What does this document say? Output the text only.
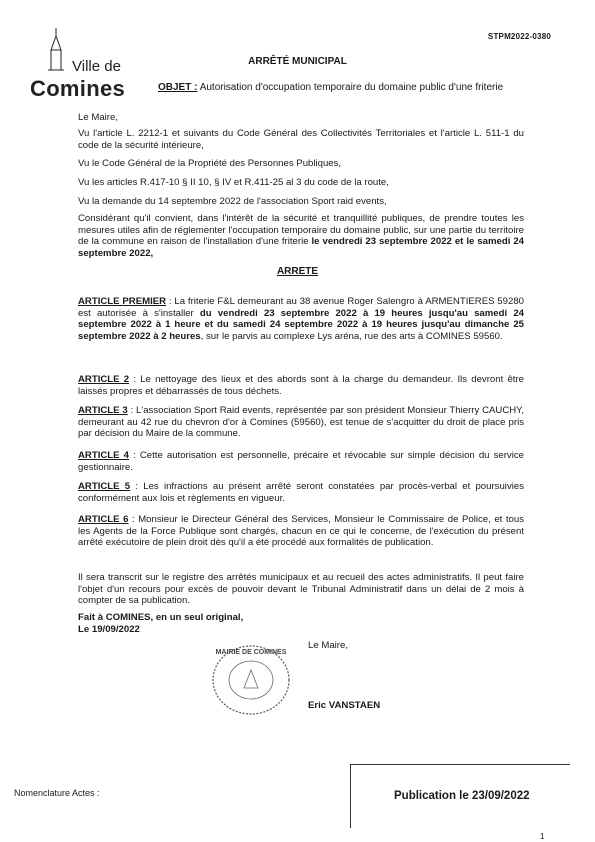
STPM2022-0380
Ville de
Comines
ARRÊTÉ MUNICIPAL
OBJET : Autorisation d'occupation temporaire du domaine public d'une friterie
Le Maire,
Vu l'article L. 2212-1 et suivants du Code Général des Collectivités Territoriales et l'article L. 511-1 du code de la sécurité intérieure,
Vu le Code Général de la Propriété des Personnes Publiques,
Vu les articles R.417-10 § II 10, § IV et R.411-25 al 3 du code de la route,
Vu la demande du 14 septembre 2022 de l'association Sport raid events,
Considérant qu'il convient, dans l'intérêt de la sécurité et tranquillité publiques, de prendre toutes les mesures utiles afin de réglementer l'occupation temporaire du domaine public, sur une partie du territoire de la commune en raison de l'installation d'une friterie le vendredi 23 septembre 2022 et le samedi 24 septembre 2022,
ARRETE
ARTICLE PREMIER : La friterie F&L demeurant au 38 avenue Roger Salengro à ARMENTIERES 59280 est autorisée à s'installer du vendredi 23 septembre 2022 à 19 heures jusqu'au samedi 24 septembre 2022 à 1 heure et du samedi 24 septembre 2022 à 19 heures jusqu'au dimanche 25 septembre 2022 à 2 heures, sur le parvis au complexe Lys aréna, rue des arts à COMINES 59560.
ARTICLE 2 : Le nettoyage des lieux et des abords sont à la charge du demandeur. Ils devront être laissés propres et débarrassés de tous déchets.
ARTICLE 3 : L'association Sport Raid events, représentée par son président Monsieur Thierry CAUCHY, demeurant au 42 rue du chevron d'or à Comines (59560), est tenue de s'acquitter du droit de place pris par décision du Maire de la commune.
ARTICLE 4 : Cette autorisation est personnelle, précaire et révocable sur simple décision du service gestionnaire.
ARTICLE 5 : Les infractions au présent arrêté seront constatées par procès-verbal et poursuivies conformément aux lois et règlements en vigueur.
ARTICLE 6 : Monsieur le Directeur Général des Services, Monsieur le Commissaire de Police, et tous les Agents de la Force Publique sont chargés, chacun en ce qui le concerne, de l'exécution du présent arrêté exécutoire de plein droit dès qu'il a été procédé aux formalités de publication.
Il sera transcrit sur le registre des arrêtés municipaux et au recueil des actes administratifs. Il peut faire l'objet d'un recours pour excès de pouvoir devant le Tribunal Administratif dans un délai de 2 mois à compter de sa publication.
Fait à COMINES, en un seul original,
Le 19/09/2022
Le Maire,
MAIRIE DE COMINES
Eric VANSTAEN
Publication le 23/09/2022
Nomenclature Actes :
1
